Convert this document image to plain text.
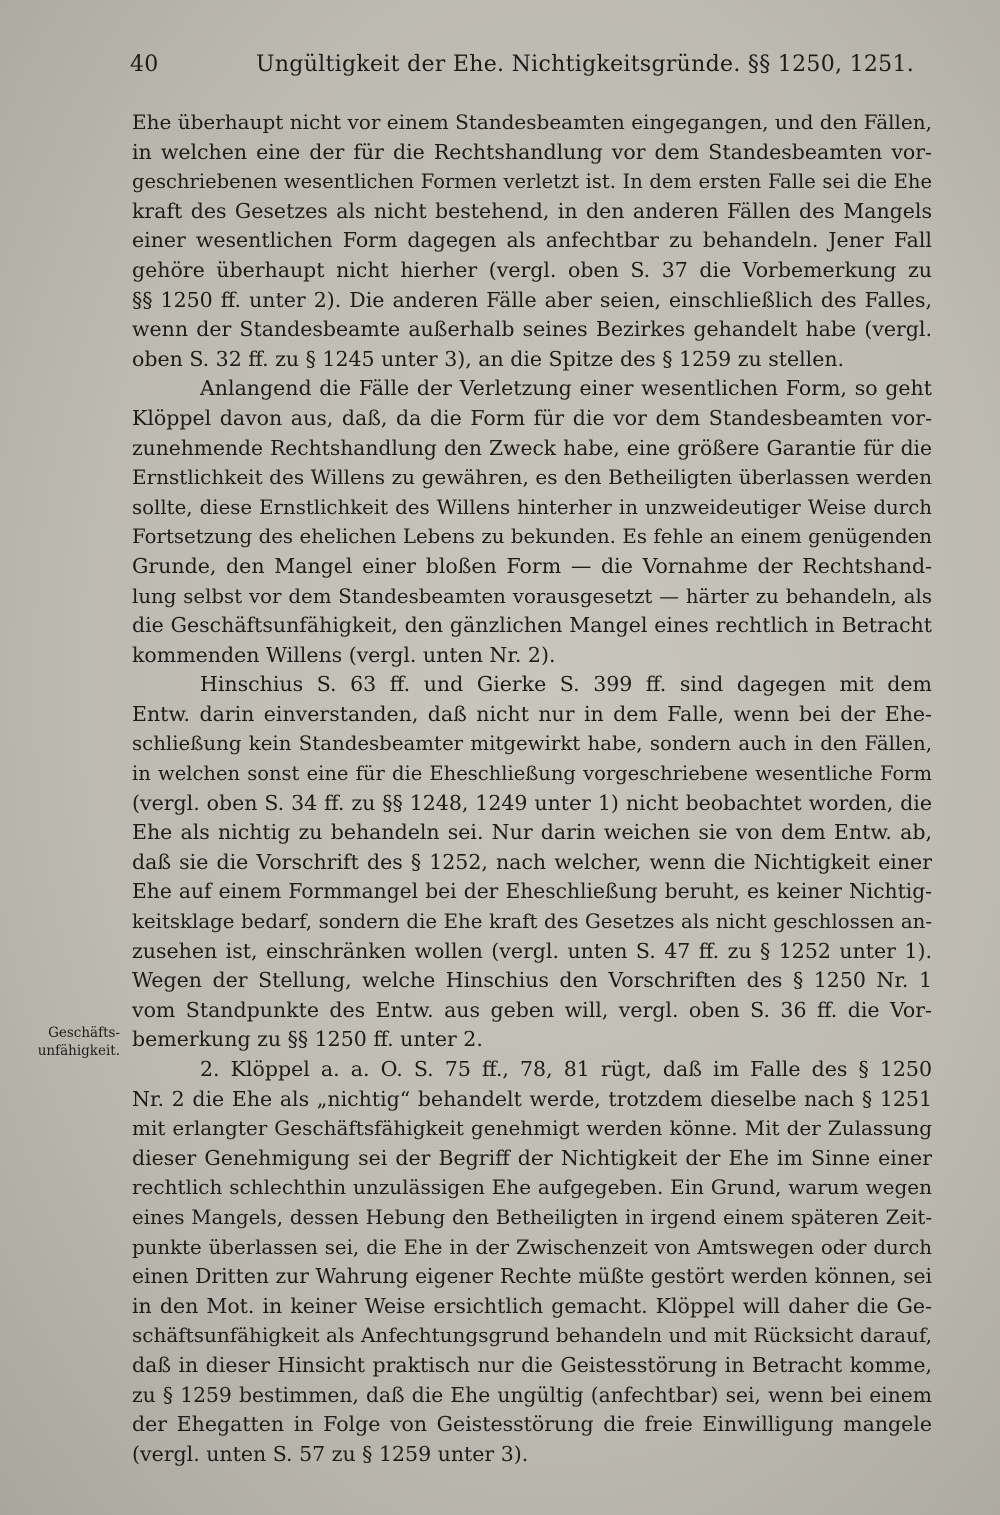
40	Ungültigkeit der Ehe. Nichtigkeitsgründe. §§ 1250, 1251.
Geschäfts-
unfähigkeit.
Ehe überhaupt nicht vor einem Standesbeamten eingegangen, und den Fällen,
in welchen eine der für die Rechtshandlung vor dem Standesbeamten vor-
geschriebenen wesentlichen Formen verletzt ist. In dem ersten Falle sei die Ehe
kraft des Gesetzes als nicht bestehend, in den anderen Fällen des Mangels
einer wesentlichen Form dagegen als anfechtbar zu behandeln. Jener Fall
gehöre überhaupt nicht hierher (vergl. oben S. 37 die Vorbemerkung zu
§§ 1250 ff. unter 2). Die anderen Fälle aber seien, einschließlich des Falles,
wenn der Standesbeamte außerhalb seines Bezirkes gehandelt habe (vergl.
oben S. 32 ff. zu § 1245 unter 3), an die Spitze des § 1259 zu stellen.
Anlangend die Fälle der Verletzung einer wesentlichen Form, so geht
Klöppel davon aus, daß, da die Form für die vor dem Standesbeamten vor-
zunehmende Rechtshandlung den Zweck habe, eine größere Garantie für die
Ernstlichkeit des Willens zu gewähren, es den Betheiligten überlassen werden
sollte, diese Ernstlichkeit des Willens hinterher in unzweideutiger Weise durch
Fortsetzung des ehelichen Lebens zu bekunden. Es fehle an einem genügenden
Grunde, den Mangel einer bloßen Form — die Vornahme der Rechtshand-
lung selbst vor dem Standesbeamten vorausgesetzt — härter zu behandeln, als
die Geschäftsunfähigkeit, den gänzlichen Mangel eines rechtlich in Betracht
kommenden Willens (vergl. unten Nr. 2).
Hinschius S. 63 ff. und Gierke S. 399 ff. sind dagegen mit dem
Entw. darin einverstanden, daß nicht nur in dem Falle, wenn bei der Ehe-
schließung kein Standesbeamter mitgewirkt habe, sondern auch in den Fällen,
in welchen sonst eine für die Eheschließung vorgeschriebene wesentliche Form
(vergl. oben S. 34 ff. zu §§ 1248, 1249 unter 1) nicht beobachtet worden, die
Ehe als nichtig zu behandeln sei. Nur darin weichen sie von dem Entw. ab,
daß sie die Vorschrift des § 1252, nach welcher, wenn die Nichtigkeit einer
Ehe auf einem Formmangel bei der Eheschließung beruht, es keiner Nichtig-
keitsklage bedarf, sondern die Ehe kraft des Gesetzes als nicht geschlossen an-
zusehen ist, einschränken wollen (vergl. unten S. 47 ff. zu § 1252 unter 1).
Wegen der Stellung, welche Hinschius den Vorschriften des § 1250 Nr. 1
vom Standpunkte des Entw. aus geben will, vergl. oben S. 36 ff. die Vor-
bemerkung zu §§ 1250 ff. unter 2.
2. Klöppel a. a. O. S. 75 ff., 78, 81 rügt, daß im Falle des § 1250
Nr. 2 die Ehe als „nichtig“ behandelt werde, trotzdem dieselbe nach § 1251
mit erlangter Geschäftsfähigkeit genehmigt werden könne. Mit der Zulassung
dieser Genehmigung sei der Begriff der Nichtigkeit der Ehe im Sinne einer
rechtlich schlechthin unzulässigen Ehe aufgegeben. Ein Grund, warum wegen
eines Mangels, dessen Hebung den Betheiligten in irgend einem späteren Zeit-
punkte überlassen sei, die Ehe in der Zwischenzeit von Amtswegen oder durch
einen Dritten zur Wahrung eigener Rechte müßte gestört werden können, sei
in den Mot. in keiner Weise ersichtlich gemacht. Klöppel will daher die Ge-
schäftsunfähigkeit als Anfechtungsgrund behandeln und mit Rücksicht darauf,
daß in dieser Hinsicht praktisch nur die Geistesstörung in Betracht komme,
zu § 1259 bestimmen, daß die Ehe ungültig (anfechtbar) sei, wenn bei einem
der Ehegatten in Folge von Geistesstörung die freie Einwilligung mangele
(vergl. unten S. 57 zu § 1259 unter 3).
